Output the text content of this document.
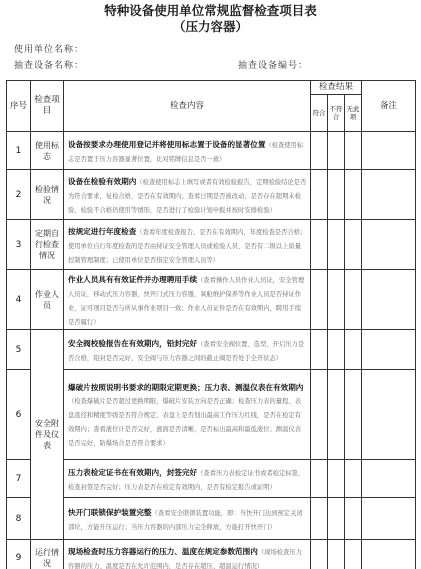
特种设备使用单位常规监督检查项目表
（压力容器）
使用单位名称：
抽查设备名称：	抽查设备编号：
序号	检查项目	检查内容	检查结果			备注
			符合	不符合	无此项	
1	使用标志	设备按要求办理使用登记并将使用标志置于设备的显著位置（检查使用标志是否置于压力容器显著位置，比对铭牌信息是否一致）				
2	检验情况	设备在检验有效期内（检查使用标志上填写或者有效检验报告，定期检验结论是否为符合要求，复检合格，是否在有效期内；查看日期是否被改动；是否存在超期未检验、检验不合格仍使用等情形，是否进行了检验计划申报并按时安排检验）				
3	定期自行检查情况	按规定进行年度检查（查看年度检查报告，是否在有效期内，年度检查是否合格；使用单位自行年度检查的是否由持证安全管理人员或检验人员、是否有二级以上质量控制管理制度；已使用单位是否指定安全管理人员等）				
4	作业人员	作业人员具有有效证件并办理聘用手续（查看操作人员作业人员证，安全管理人员证，移动式压力容器，快开门式压力容器，氧舱维护保养等作业人员是否持证作业，证可项目是否与所从事作业项目一致；作业人员证件是否在有效期内，聘用手续是否履行）				
5	安全附件及仪表	安全阀校验报告在有效期内，铅封完好（查看安全阀位置、选型、开启压力是否合格，铅封是否完好，安全阀与压力容器之间的截止阀是否处于全开状态）				
6		爆破片按照说明书要求的期限定期更换；压力表、测温仪表在有效期内（检查爆破片是否超过更换期限，爆破片安装方向是否正确；检查压力表的量程、表盘直径和精度等级是否符合规定，表盘上是否划出最高工作压力红线，是否在检定有效期内；查看液位计是否完好，液面是否清晰，是否标出最高和最低液位；测温仪表是否完好，防爆场合是否符合要求）				
7		压力表检定证书在有效期内，封签完好（查看压力表检定证书或者检定标签，检查封签是否完好；压力表是否在检定有效期内，是否有检定报告或证明）				
8		快开门联锁保护装置完整（查看安全联锁装置功能，即：当快开门达到预定关闭部位，方能升压运行；当压力容器的内部压力完全释放，方能打开快开门）				
9	运行情况	现场检查时压力容器运行的压力、温度在规定参数范围内（现场检查压力容器的压力、温度是否在允许范围内，是否存在超压、超温运行情况）				
